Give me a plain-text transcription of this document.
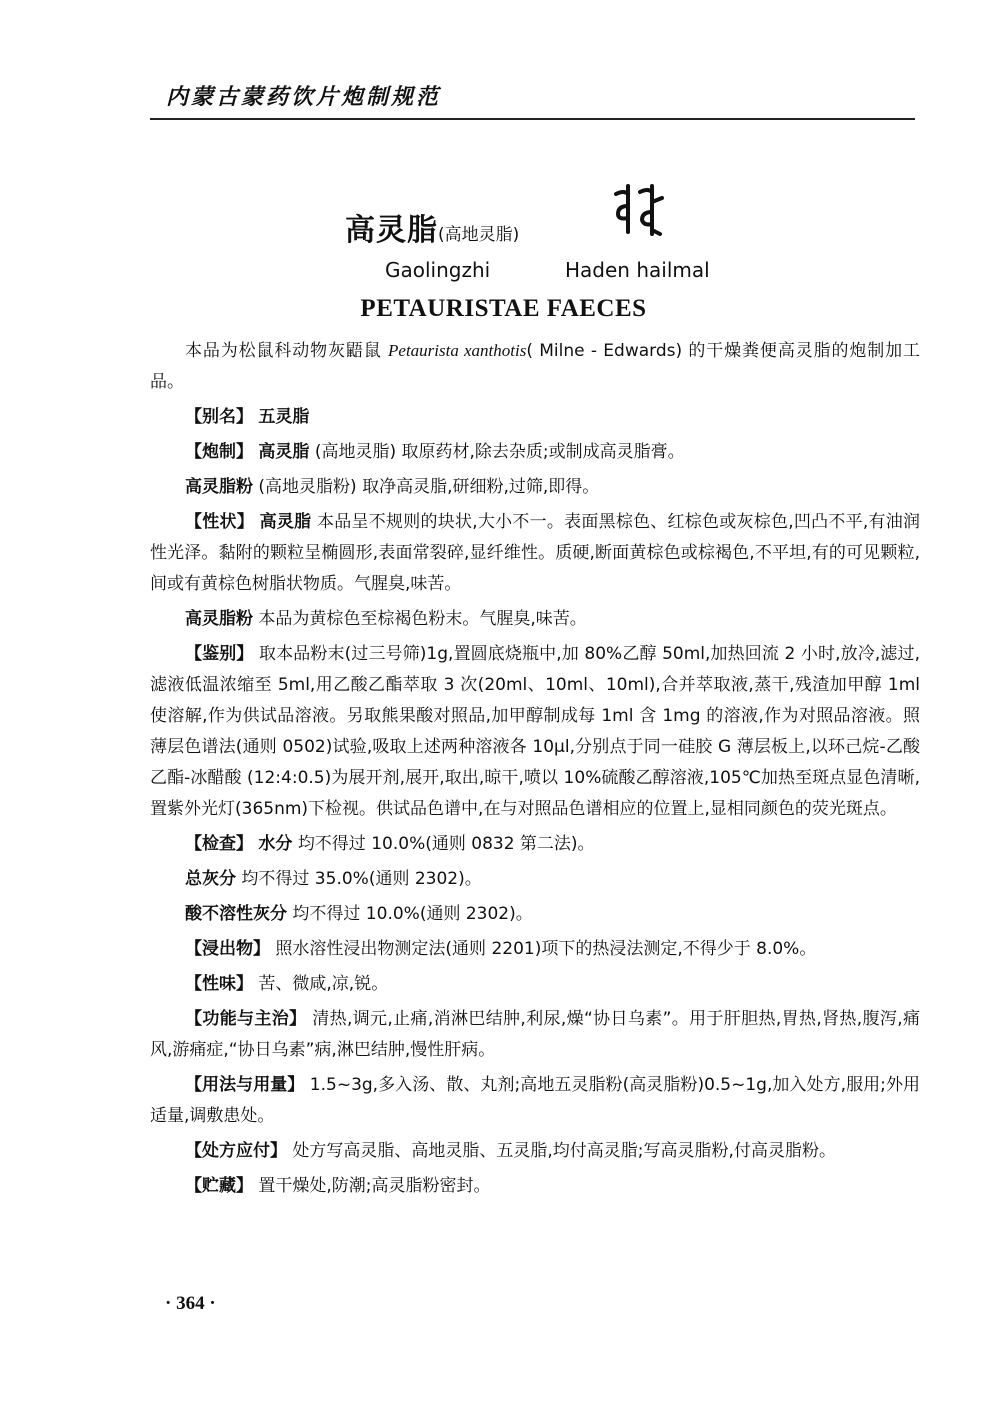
内蒙古蒙药饮片炮制规范
高灵脂(高地灵脂)
Gaolingzhi	Haden hailmal
PETAURISTAE FAECES

本品为松鼠科动物灰鼯鼠 Petaurista xanthotis( Milne - Edwards) 的干燥粪便高灵脂的炮制加工品。

【别名】 五灵脂

【炮制】 高灵脂 (高地灵脂) 取原药材,除去杂质;或制成高灵脂膏。

高灵脂粉 (高地灵脂粉) 取净高灵脂,研细粉,过筛,即得。

【性状】 高灵脂 本品呈不规则的块状,大小不一。表面黑棕色、红棕色或灰棕色,凹凸不平,有油润性光泽。黏附的颗粒呈椭圆形,表面常裂碎,显纤维性。质硬,断面黄棕色或棕褐色,不平坦,有的可见颗粒,间或有黄棕色树脂状物质。气腥臭,味苦。

高灵脂粉 本品为黄棕色至棕褐色粉末。气腥臭,味苦。

【鉴别】 取本品粉末(过三号筛)1g,置圆底烧瓶中,加 80%乙醇 50ml,加热回流 2 小时,放冷,滤过,滤液低温浓缩至 5ml,用乙酸乙酯萃取 3 次(20ml、10ml、10ml),合并萃取液,蒸干,残渣加甲醇 1ml 使溶解,作为供试品溶液。另取熊果酸对照品,加甲醇制成每 1ml 含 1mg 的溶液,作为对照品溶液。照薄层色谱法(通则 0502)试验,吸取上述两种溶液各 10μl,分别点于同一硅胶 G 薄层板上,以环己烷-乙酸乙酯-冰醋酸 (12:4:0.5)为展开剂,展开,取出,晾干,喷以 10%硫酸乙醇溶液,105℃加热至斑点显色清晰,置紫外光灯(365nm)下检视。供试品色谱中,在与对照品色谱相应的位置上,显相同颜色的荧光斑点。

【检查】 水分 均不得过 10.0%(通则 0832 第二法)。

总灰分 均不得过 35.0%(通则 2302)。

酸不溶性灰分 均不得过 10.0%(通则 2302)。

【浸出物】 照水溶性浸出物测定法(通则 2201)项下的热浸法测定,不得少于 8.0%。

【性味】 苦、微咸,凉,锐。

【功能与主治】 清热,调元,止痛,消淋巴结肿,利尿,燥“协日乌素”。用于肝胆热,胃热,肾热,腹泻,痛风,游痛症,“协日乌素”病,淋巴结肿,慢性肝病。

【用法与用量】 1.5~3g,多入汤、散、丸剂;高地五灵脂粉(高灵脂粉)0.5~1g,加入处方,服用;外用适量,调敷患处。

【处方应付】 处方写高灵脂、高地灵脂、五灵脂,均付高灵脂;写高灵脂粉,付高灵脂粉。

【贮藏】 置干燥处,防潮;高灵脂粉密封。

· 364 ·
